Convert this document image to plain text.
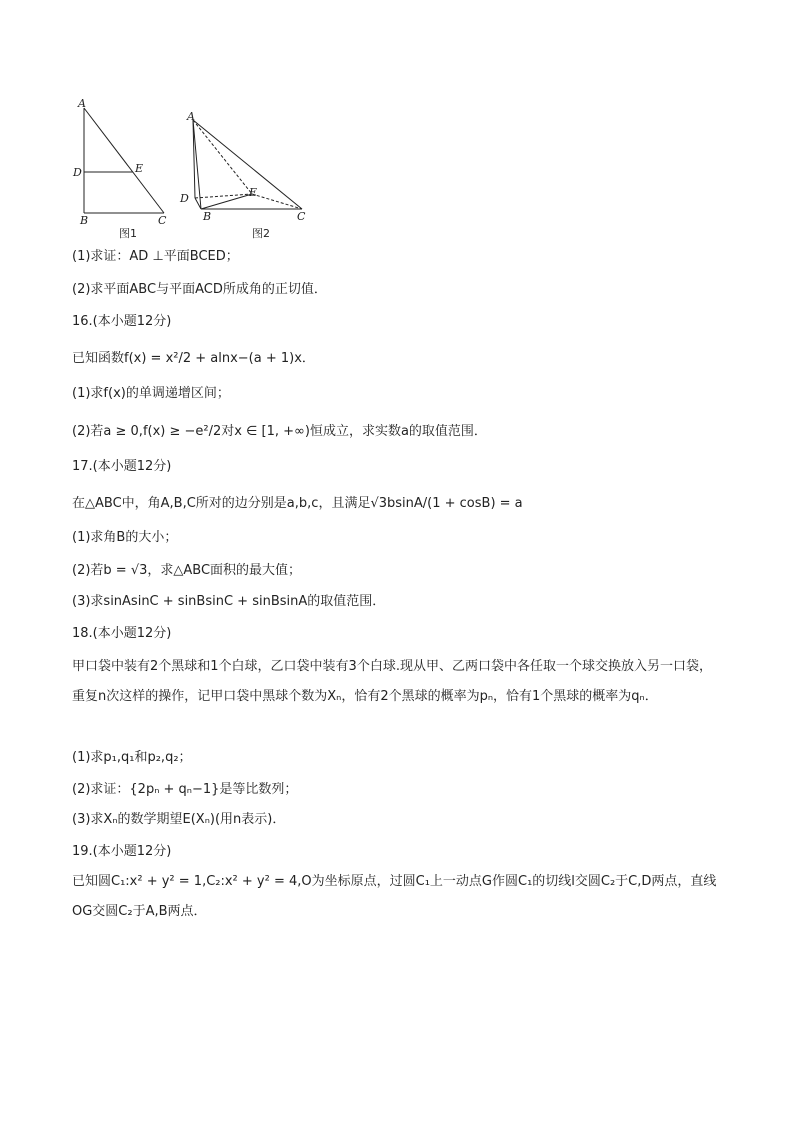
A
D	E
B	C
图1
A
D	E
B	C
图2
(1)求证：AD ⊥平面BCED；
(2)求平面ABC与平面ACD所成角的正切值．
16.(本小题12分)
已知函数f(x) = x²/2 + alnx−(a + 1)x．
(1)求f(x)的单调递增区间；
(2)若a ≥ 0,f(x) ≥ −e²/2对x ∈ [1, +∞)恒成立，求实数a的取值范围．
17.(本小题12分)
在△ABC中，角A,B,C所对的边分别是a,b,c，且满足√3bsinA/(1 + cosB) = a
(1)求角B的大小；
(2)若b = √3，求△ABC面积的最大值；
(3)求sinAsinC + sinBsinC + sinBsinA的取值范围．
18.(本小题12分)
甲口袋中装有2个黑球和1个白球，乙口袋中装有3个白球.现从甲、乙两口袋中各任取一个球交换放入另一口袋，重复n次这样的操作，记甲口袋中黑球个数为Xₙ，恰有2个黑球的概率为pₙ，恰有1个黑球的概率为qₙ．
(1)求p₁,q₁和p₂,q₂；
(2)求证：{2pₙ + qₙ−1}是等比数列；
(3)求Xₙ的数学期望E(Xₙ)(用n表示)．
19.(本小题12分)
已知圆C₁:x² + y² = 1,C₂:x² + y² = 4,O为坐标原点，过圆C₁上一动点G作圆C₁的切线l交圆C₂于C,D两点，直线OG交圆C₂于A,B两点．
